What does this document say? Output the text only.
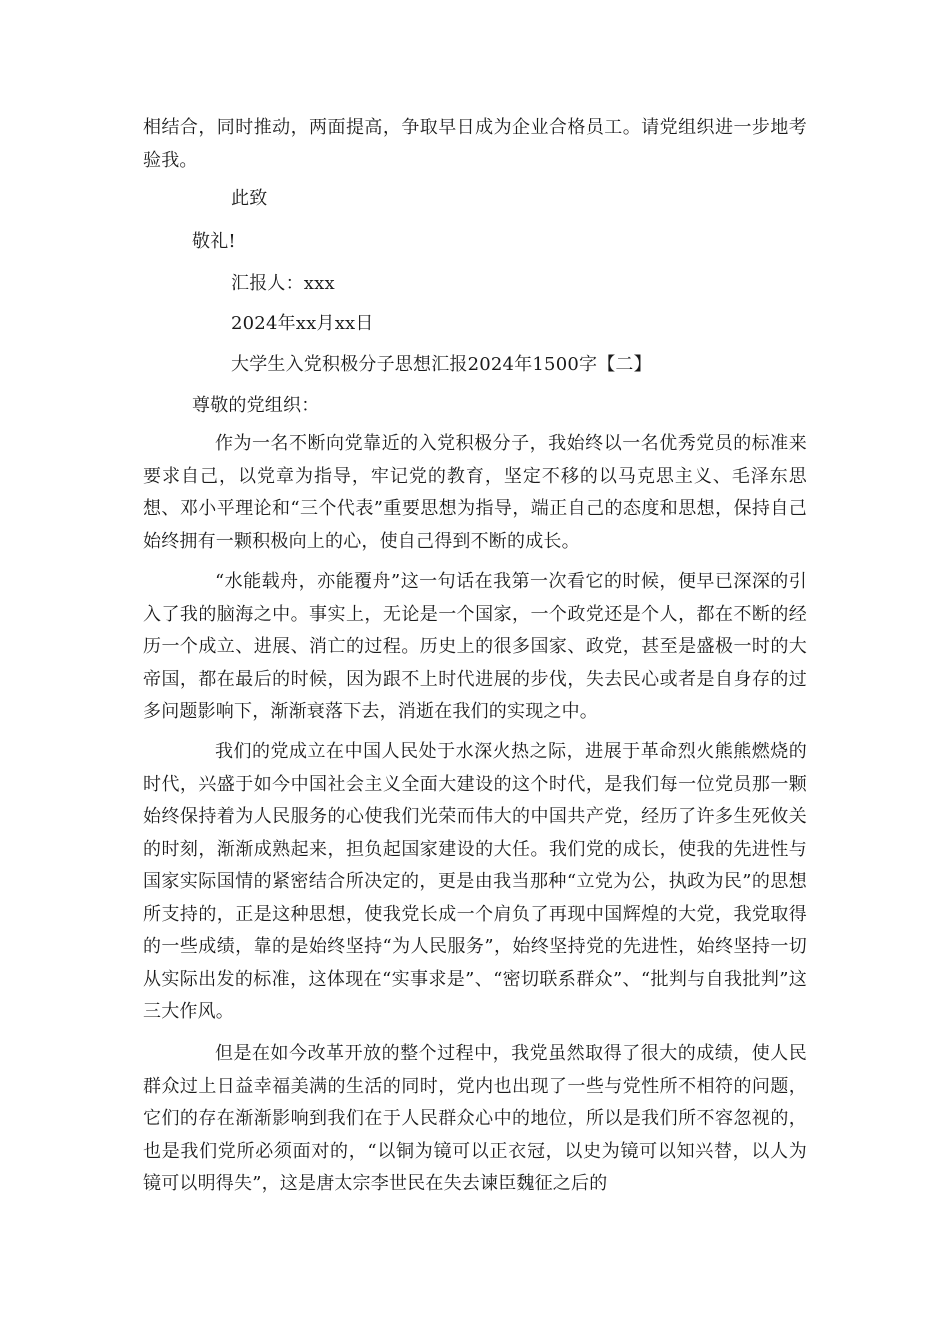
相结合，同时推动，两面提高，争取早日成为企业合格员工。请党组织进一步地考验我。

此致
敬礼!
汇报人：xxx
2024年xx月xx日
大学生入党积极分子思想汇报2024年1500字【二】
尊敬的党组织：

作为一名不断向党靠近的入党积极分子，我始终以一名优秀党员的标准来要求自己，以党章为指导，牢记党的教育，坚定不移的以马克思主义、毛泽东思想、邓小平理论和“三个代表”重要思想为指导，端正自己的态度和思想，保持自己始终拥有一颗积极向上的心，使自己得到不断的成长。

“水能载舟，亦能覆舟”这一句话在我第一次看它的时候，便早已深深的引入了我的脑海之中。事实上，无论是一个国家，一个政党还是个人，都在不断的经历一个成立、进展、消亡的过程。历史上的很多国家、政党，甚至是盛极一时的大帝国，都在最后的时候，因为跟不上时代进展的步伐，失去民心或者是自身存的过多问题影响下，渐渐衰落下去，消逝在我们的实现之中。

我们的党成立在中国人民处于水深火热之际，进展于革命烈火熊熊燃烧的时代，兴盛于如今中国社会主义全面大建设的这个时代，是我们每一位党员那一颗始终保持着为人民服务的心使我们光荣而伟大的中国共产党，经历了许多生死攸关的时刻，渐渐成熟起来，担负起国家建设的大任。我们党的成长，使我的先进性与国家实际国情的紧密结合所决定的，更是由我当那种“立党为公，执政为民”的思想所支持的，正是这种思想，使我党长成一个肩负了再现中国辉煌的大党，我党取得的一些成绩，靠的是始终坚持“为人民服务”，始终坚持党的先进性，始终坚持一切从实际出发的标准，这体现在“实事求是”、“密切联系群众”、“批判与自我批判”这三大作风。

但是在如今改革开放的整个过程中，我党虽然取得了很大的成绩，使人民群众过上日益幸福美满的生活的同时，党内也出现了一些与党性所不相符的问题，它们的存在渐渐影响到我们在于人民群众心中的地位，所以是我们所不容忽视的，也是我们党所必须面对的，“以铜为镜可以正衣冠，以史为镜可以知兴替，以人为镜可以明得失”，这是唐太宗李世民在失去谏臣魏征之后的
